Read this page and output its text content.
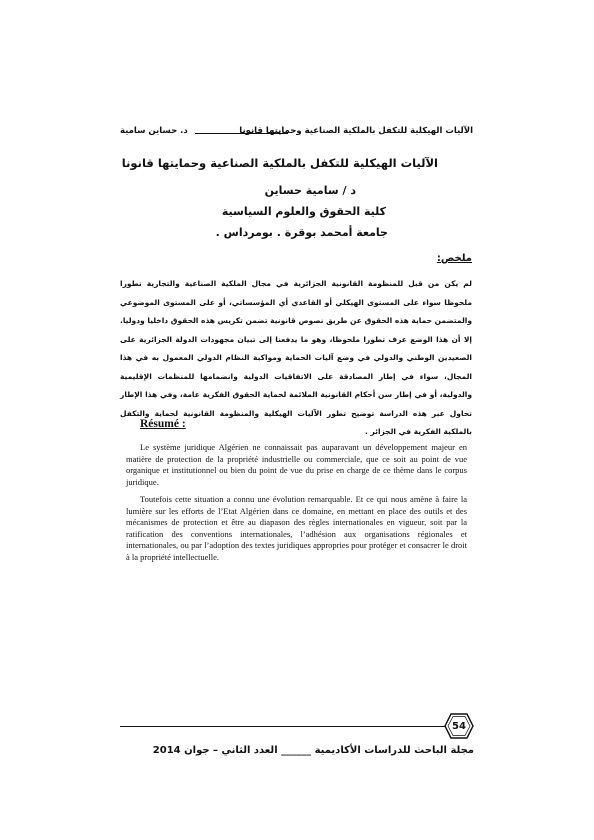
الآليات الهيكلية للتكفل بالملكية الصناعية وحمايتها قانونا
د. حساين سامية
الآليات الهيكلية للتكفل بالملكية الصناعية وحمايتها قانونا
د / سامية حساين
كلية الحقوق والعلوم السياسية
جامعة أمحمد بوقرة . بومرداس .
ملخص:
لم يكن من قبل للمنظومة القانونية الجزائرية في مجال الملكية الصناعية والتجارية تطورا ملحوظا سواء على المستوى الهيكلي أو القاعدي أي المؤسساتي، أو على المستوى الموضوعي والمتضمن حماية هذه الحقوق عن طريق نصوص قانونية تضمن تكريس هذه الحقوق داخليا ودوليا. إلا أن هذا الوضع عرف تطورا ملحوظا، وهو ما يدفعنا إلى تبيان مجهودات الدولة الجزائرية على الصعيدين الوطني والدولي في وضع آليات الحماية ومواكبة النظام الدولي المعمول به في هذا المجال، سواء في إطار المصادقة على الاتفاقيات الدولية وانضمامها للمنظمات الإقليمية والدولية، أو في إطار سن أحكام القانونية الملائمة لحماية الحقوق الفكرية عامة، وفي هذا الإطار تحاول عبر هذه الدراسة توضيح تطور الآليات الهيكلية والمنظومة القانونية لحماية والتكفل بالملكية الفكرية في الجزائر .
Résumé :
Le système juridique Algérien ne connaissait pas auparavant un développement majeur en matière de protection de la propriété industrielle ou commerciale, que ce soit au point de vue organique et institutionnel ou bien du point de vue du prise en charge de ce thème dans le corpus juridique.
Toutefois cette situation a connu une évolution remarquable. Et ce qui nous amène à faire la lumière sur les efforts de l’Etat Algérien dans ce domaine, en mettant en place des outils et des mécanismes de protection et être au diapason des règles internationales en vigueur, soit par la ratification des conventions internationales, l’adhésion aux organisations régionales et internationales, ou par l’adoption des textes juridiques appropries pour protéger et consacrer le droit à la propriété intellectuelle.
54
مجلة الباحث للدراسات الأكاديمية ______ العدد الثاني – جوان 2014
